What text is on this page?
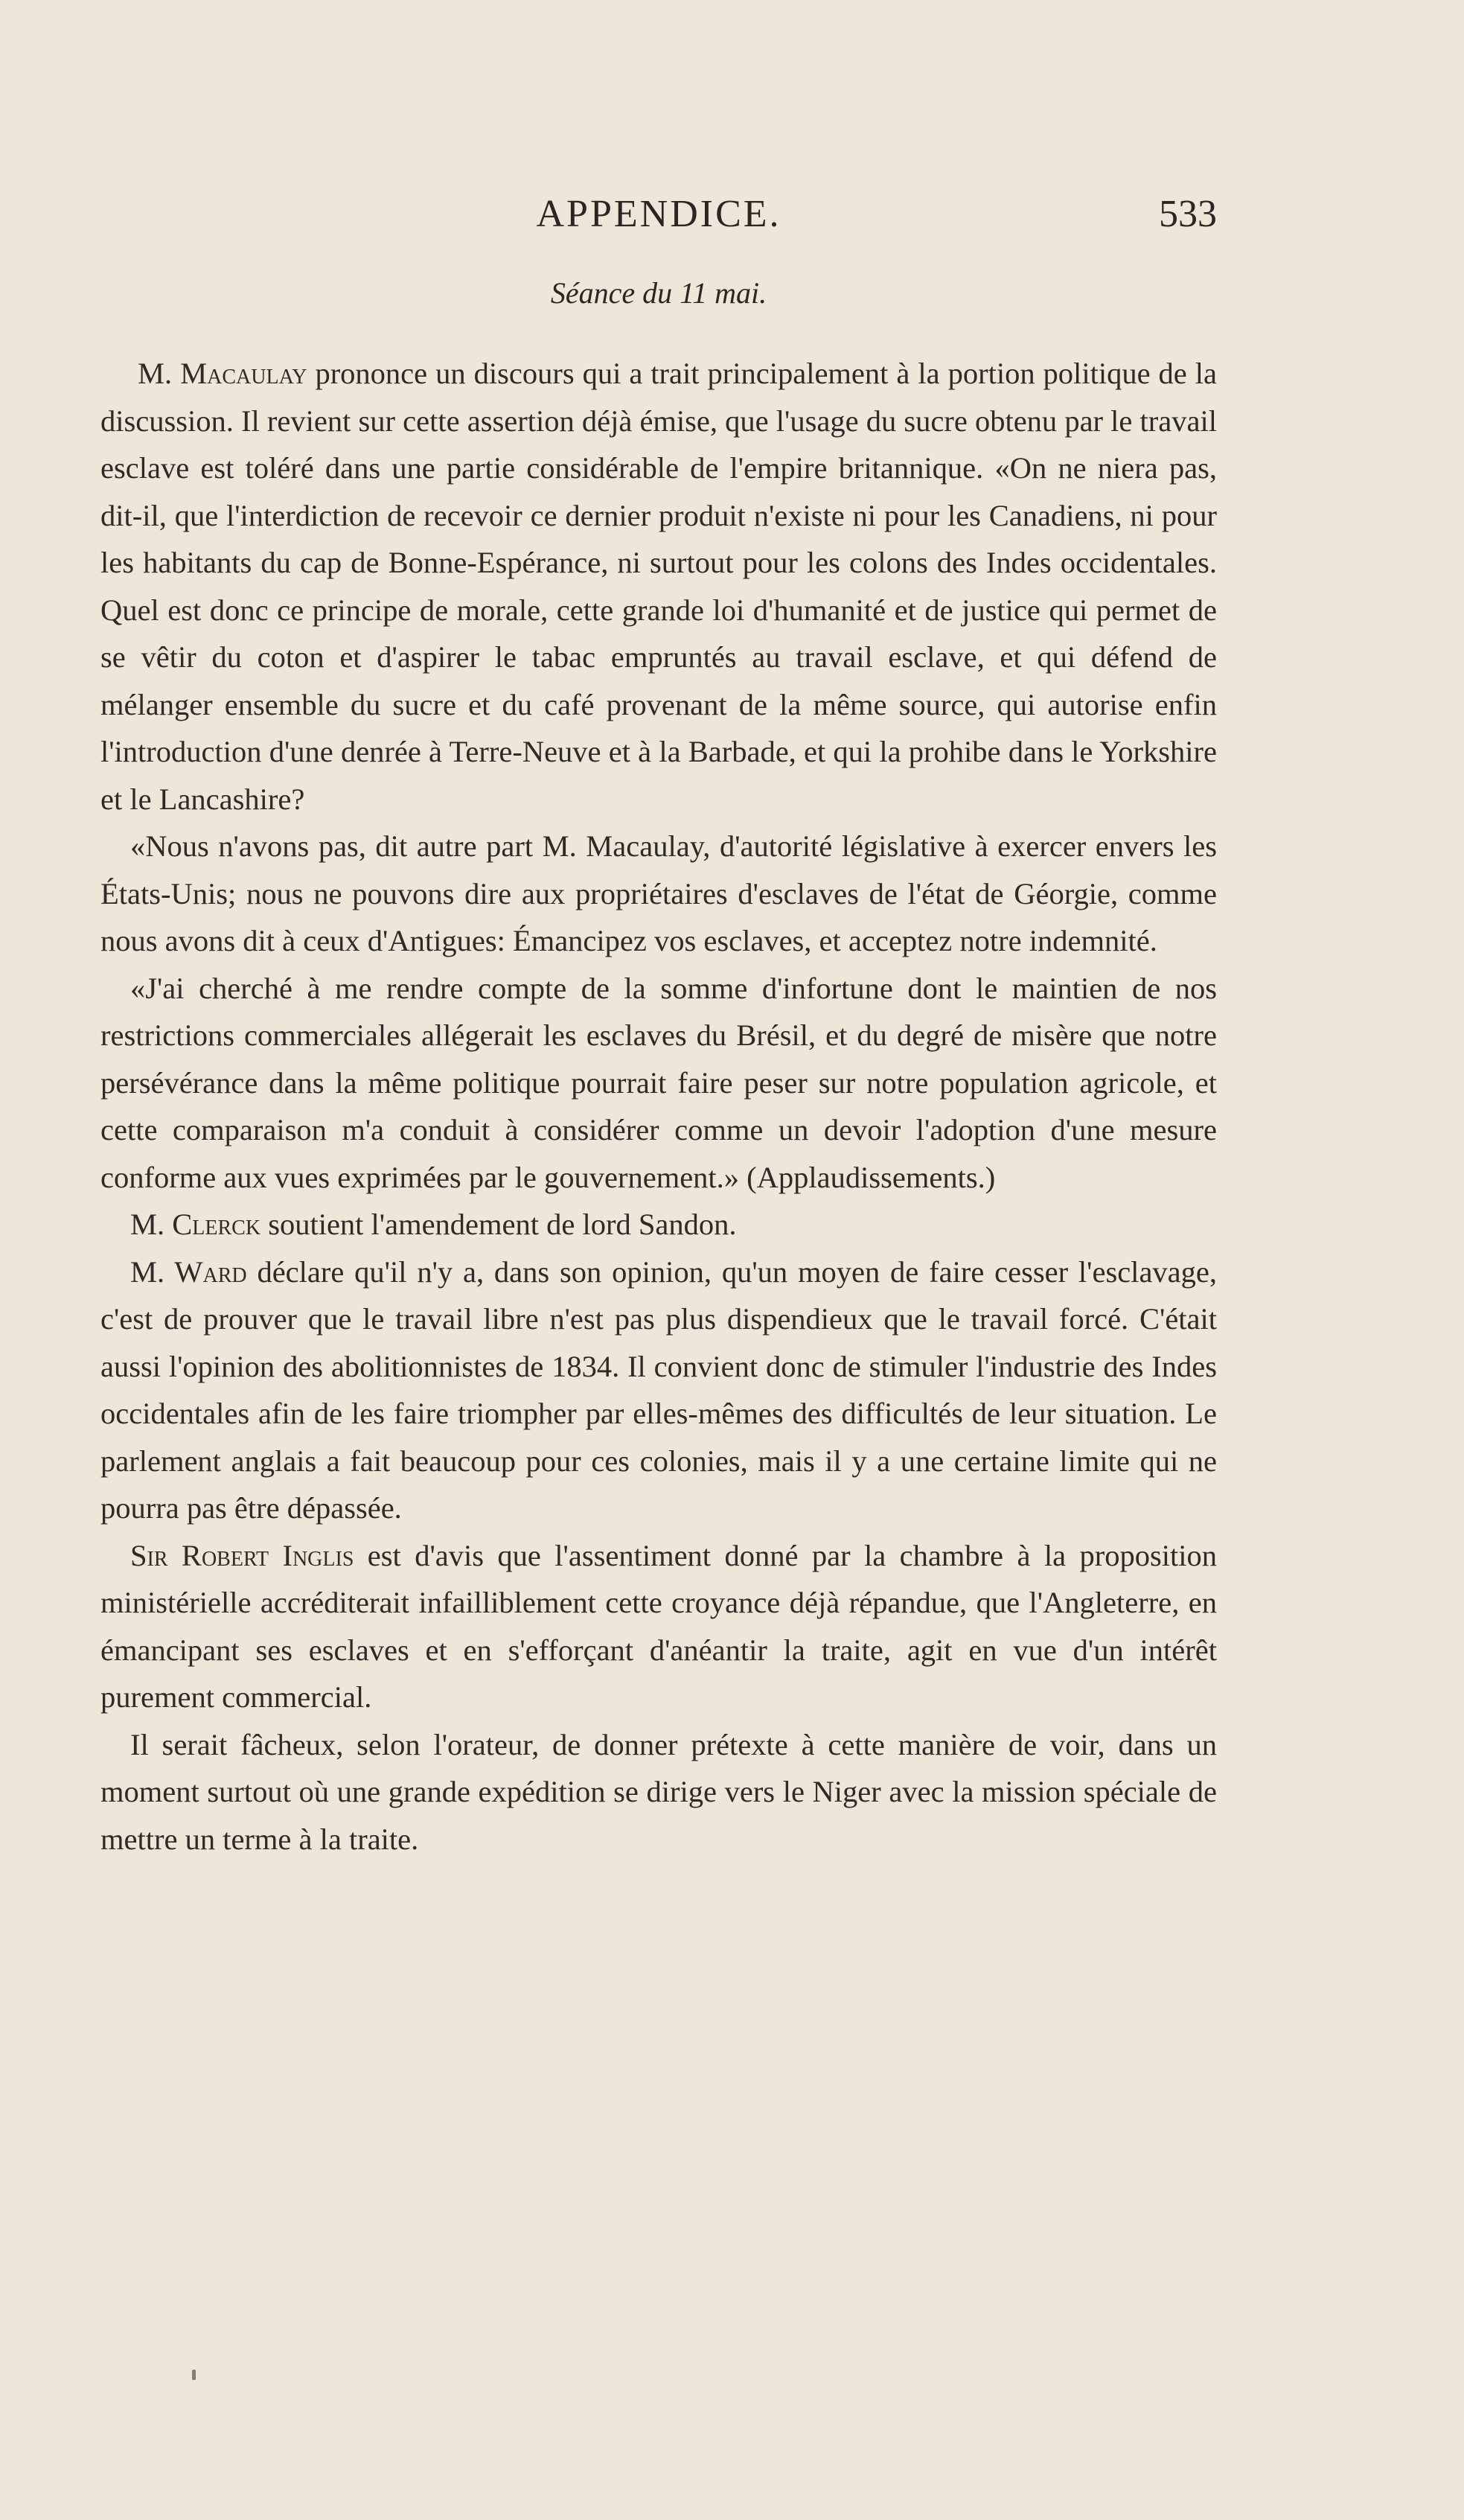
APPENDICE.	533
Séance du 11 mai.

M. Macaulay prononce un discours qui a trait principalement à la portion politique de la discussion. Il revient sur cette assertion déjà émise, que l'usage du sucre obtenu par le travail esclave est toléré dans une partie considérable de l'empire britannique. «On ne niera pas, dit-il, que l'interdiction de recevoir ce dernier produit n'existe ni pour les Canadiens, ni pour les habitants du cap de Bonne-Espérance, ni surtout pour les colons des Indes occidentales. Quel est donc ce principe de morale, cette grande loi d'humanité et de justice qui permet de se vêtir du coton et d'aspirer le tabac empruntés au travail esclave, et qui défend de mélanger ensemble du sucre et du café provenant de la même source, qui autorise enfin l'introduction d'une denrée à Terre-Neuve et à la Barbade, et qui la prohibe dans le Yorkshire et le Lancashire?

«Nous n'avons pas, dit autre part M. Macaulay, d'autorité législative à exercer envers les États-Unis; nous ne pouvons dire aux propriétaires d'esclaves de l'état de Géorgie, comme nous avons dit à ceux d'Antigues: Émancipez vos esclaves, et acceptez notre indemnité.

«J'ai cherché à me rendre compte de la somme d'infortune dont le maintien de nos restrictions commerciales allégerait les esclaves du Brésil, et du degré de misère que notre persévérance dans la même politique pourrait faire peser sur notre population agricole, et cette comparaison m'a conduit à considérer comme un devoir l'adoption d'une mesure conforme aux vues exprimées par le gouvernement.» (Applaudissements.)

M. Clerck soutient l'amendement de lord Sandon.

M. Ward déclare qu'il n'y a, dans son opinion, qu'un moyen de faire cesser l'esclavage, c'est de prouver que le travail libre n'est pas plus dispendieux que le travail forcé. C'était aussi l'opinion des abolitionnistes de 1834. Il convient donc de stimuler l'industrie des Indes occidentales afin de les faire triompher par elles-mêmes des difficultés de leur situation. Le parlement anglais a fait beaucoup pour ces colonies, mais il y a une certaine limite qui ne pourra pas être dépassée.

Sir Robert Inglis est d'avis que l'assentiment donné par la chambre à la proposition ministérielle accréditerait infailliblement cette croyance déjà répandue, que l'Angleterre, en émancipant ses esclaves et en s'efforçant d'anéantir la traite, agit en vue d'un intérêt purement commercial.

Il serait fâcheux, selon l'orateur, de donner prétexte à cette manière de voir, dans un moment surtout où une grande expédition se dirige vers le Niger avec la mission spéciale de mettre un terme à la traite.
